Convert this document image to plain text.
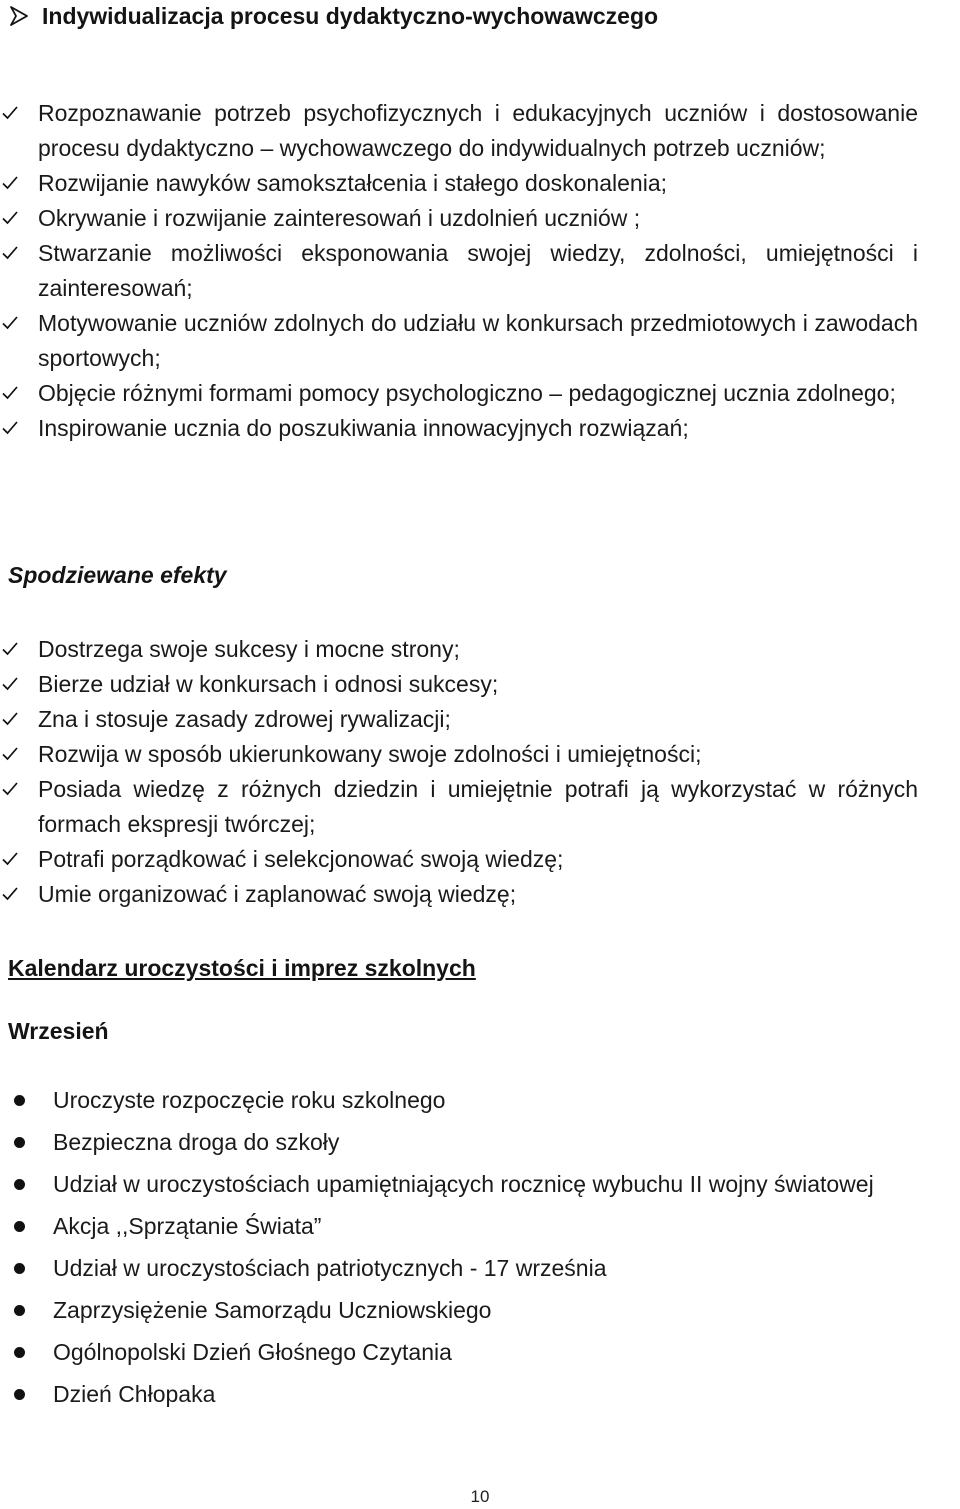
Indywidualizacja procesu dydaktyczno-wychowawczego
Rozpoznawanie potrzeb psychofizycznych i edukacyjnych uczniów i dostosowanie procesu dydaktyczno – wychowawczego do indywidualnych potrzeb uczniów;
Rozwijanie nawyków samokształcenia i stałego doskonalenia;
Okrywanie i rozwijanie zainteresowań i uzdolnień uczniów ;
Stwarzanie możliwości eksponowania swojej wiedzy, zdolności, umiejętności i zainteresowań;
Motywowanie uczniów zdolnych do udziału w konkursach przedmiotowych i zawodach sportowych;
Objęcie różnymi formami pomocy psychologiczno – pedagogicznej ucznia zdolnego;
Inspirowanie ucznia do poszukiwania innowacyjnych rozwiązań;
Spodziewane efekty
Dostrzega swoje sukcesy i mocne strony;
Bierze udział w konkursach i odnosi sukcesy;
Zna i stosuje zasady zdrowej rywalizacji;
Rozwija w sposób ukierunkowany swoje zdolności i umiejętności;
Posiada wiedzę z różnych dziedzin i umiejętnie potrafi ją wykorzystać w różnych formach ekspresji twórczej;
Potrafi porządkować i selekcjonować swoją wiedzę;
Umie organizować i zaplanować swoją wiedzę;
Kalendarz uroczystości i imprez szkolnych
Wrzesień
Uroczyste rozpoczęcie roku szkolnego
Bezpieczna droga do szkoły
Udział w uroczystościach upamiętniających rocznicę wybuchu II wojny światowej
Akcja ,,Sprzątanie Świata”
Udział w uroczystościach patriotycznych - 17 września
Zaprzysiężenie Samorządu Uczniowskiego
Ogólnopolski Dzień Głośnego Czytania
Dzień Chłopaka
10
